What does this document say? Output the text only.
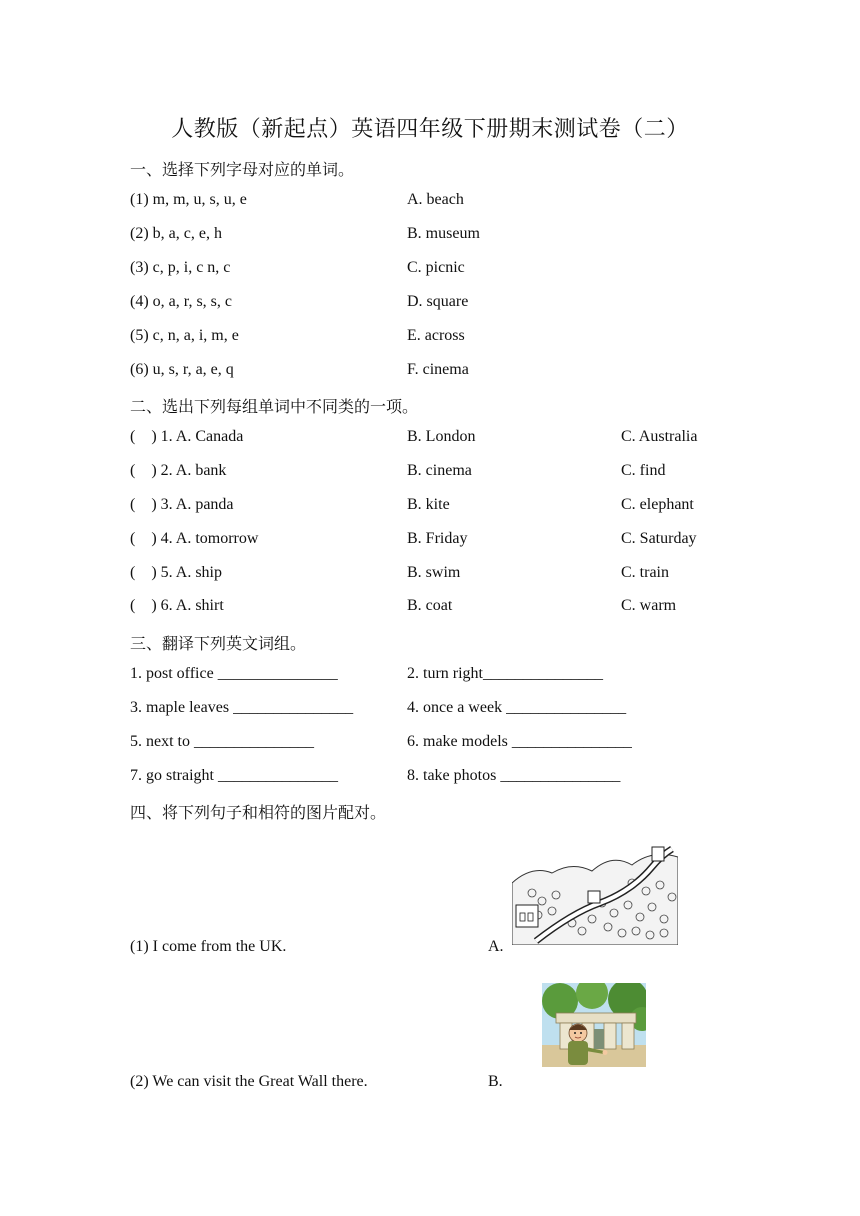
人教版（新起点）英语四年级下册期末测试卷（二）
一、选择下列字母对应的单词。
(1) m, m, u, s, u, e	A. beach
(2) b, a, c, e, h	B. museum
(3) c, p, i, c n, c	C. picnic
(4) o, a, r, s, s, c	D. square
(5) c, n, a, i, m, e	E. across
(6) u, s, r, a, e, q	F. cinema
二、选出下列每组单词中不同类的一项。
(    ) 1. A. Canada	B. London	C. Australia
(    ) 2. A. bank	B. cinema	C. find
(    ) 3. A. panda	B. kite	C. elephant
(    ) 4. A. tomorrow	B. Friday	C. Saturday
(    ) 5. A. ship	B. swim	C. train
(    ) 6. A. shirt	B. coat	C. warm
三、翻译下列英文词组。
1. post office _______________	2. turn right_______________
3. maple leaves _______________	4. once a week _______________
5. next to _______________	6. make models _______________
7. go straight _______________	8. take photos _______________
四、将下列句子和相符的图片配对。
(1) I come from the UK.	A.
(2) We can visit the Great Wall there.	B.
